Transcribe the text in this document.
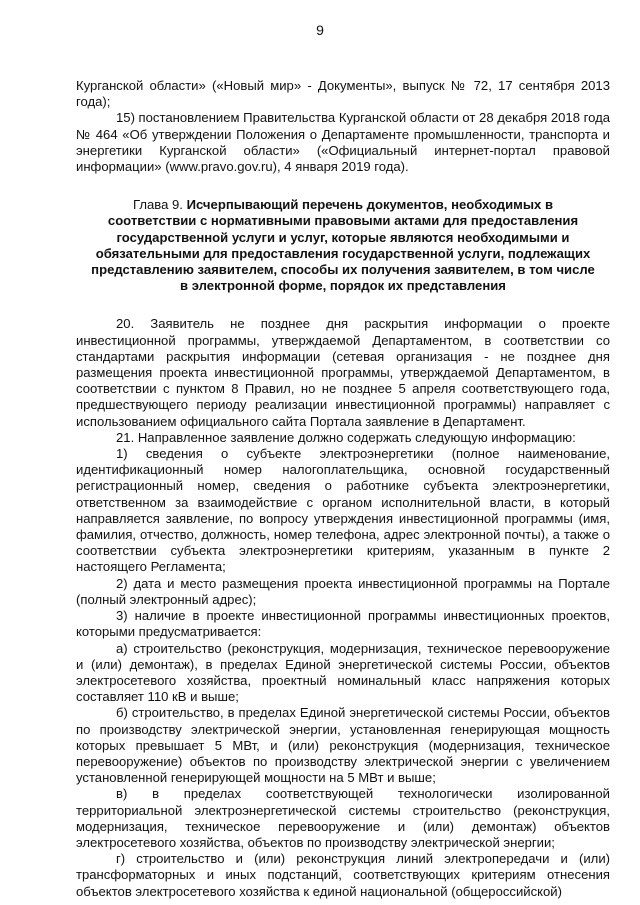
9

Курганской области» («Новый мир» - Документы», выпуск № 72, 17 сентября 2013 года);

15) постановлением Правительства Курганской области от 28 декабря 2018 года № 464 «Об утверждении Положения о Департаменте промышленности, транспорта и энергетики Курганской области» («Официальный интернет-портал правовой информации» (www.pravo.gov.ru), 4 января 2019 года).

Глава 9. Исчерпывающий перечень документов, необходимых в соответствии с нормативными правовыми актами для предоставления государственной услуги и услуг, которые являются необходимыми и обязательными для предоставления государственной услуги, подлежащих представлению заявителем, способы их получения заявителем, в том числе в электронной форме, порядок их представления

20. Заявитель не позднее дня раскрытия информации о проекте инвестиционной программы, утверждаемой Департаментом, в соответствии со стандартами раскрытия информации (сетевая организация - не позднее дня размещения проекта инвестиционной программы, утверждаемой Департаментом, в соответствии с пунктом 8 Правил, но не позднее 5 апреля соответствующего года, предшествующего периоду реализации инвестиционной программы) направляет с использованием официального сайта Портала заявление в Департамент.

21. Направленное заявление должно содержать следующую информацию:

1) сведения о субъекте электроэнергетики (полное наименование, идентификационный номер налогоплательщика, основной государственный регистрационный номер, сведения о работнике субъекта электроэнергетики, ответственном за взаимодействие с органом исполнительной власти, в который направляется заявление, по вопросу утверждения инвестиционной программы (имя, фамилия, отчество, должность, номер телефона, адрес электронной почты), а также о соответствии субъекта электроэнергетики критериям, указанным в пункте 2 настоящего Регламента;

2) дата и место размещения проекта инвестиционной программы на Портале (полный электронный адрес);

3) наличие в проекте инвестиционной программы инвестиционных проектов, которыми предусматривается:

а) строительство (реконструкция, модернизация, техническое перевооружение и (или) демонтаж), в пределах Единой энергетической системы России, объектов электросетевого хозяйства, проектный номинальный класс напряжения которых составляет 110 кВ и выше;

б) строительство, в пределах Единой энергетической системы России, объектов по производству электрической энергии, установленная генерирующая мощность которых превышает 5 МВт, и (или) реконструкция (модернизация, техническое перевооружение) объектов по производству электрической энергии с увеличением установленной генерирующей мощности на 5 МВт и выше;

в) в пределах соответствующей технологически изолированной территориальной электроэнергетической системы строительство (реконструкция, модернизация, техническое перевооружение и (или) демонтаж) объектов электросетевого хозяйства, объектов по производству электрической энергии;

г) строительство и (или) реконструкция линий электропередачи и (или) трансформаторных и иных подстанций, соответствующих критериям отнесения объектов электросетевого хозяйства к единой национальной (общероссийской)
